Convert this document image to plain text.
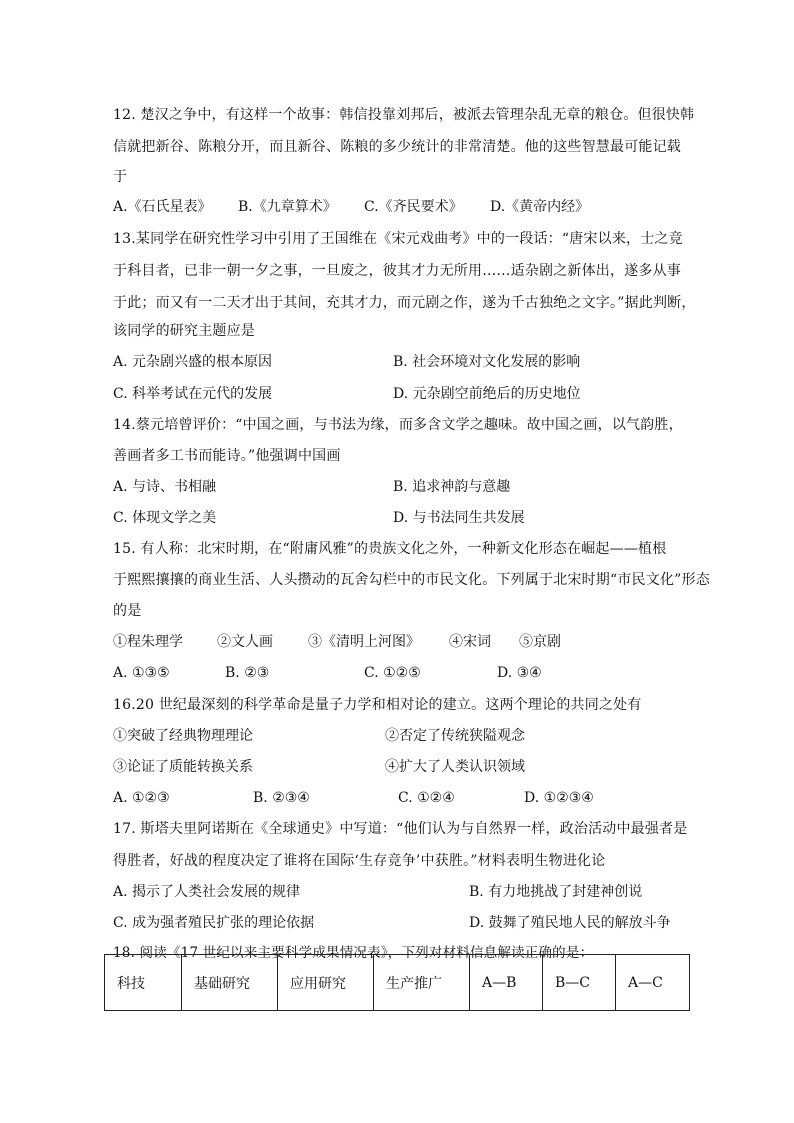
12. 楚汉之争中，有这样一个故事：韩信投靠刘邦后，被派去管理杂乱无章的粮仓。但很快韩
信就把新谷、陈粮分开，而且新谷、陈粮的多少统计的非常清楚。他的这些智慧最可能记载
于
A.《石氏星表》 B.《九章算术》 C.《齐民要术》 D.《黄帝内经》
13.某同学在研究性学习中引用了王国维在《宋元戏曲考》中的一段话：“唐宋以来，士之竞
于科目者，已非一朝一夕之事，一旦废之，彼其才力无所用……适杂剧之新体出，遂多从事
于此；而又有一二天才出于其间，充其才力，而元剧之作，遂为千古独绝之文字。”据此判断，
该同学的研究主题应是
A. 元杂剧兴盛的根本原因	B. 社会环境对文化发展的影响
C. 科举考试在元代的发展	D. 元杂剧空前绝后的历史地位
14.蔡元培曾评价：“中国之画，与书法为缘，而多含文学之趣味。故中国之画，以气韵胜，
善画者多工书而能诗。”他强调中国画
A. 与诗、书相融	B. 追求神韵与意趣
C. 体现文学之美	D. 与书法同生共发展
15. 有人称：北宋时期，在“附庸风雅”的贵族文化之外，一种新文化形态在崛起——植根
于熙熙攘攘的商业生活、人头攒动的瓦舍勾栏中的市民文化。下列属于北宋时期“市民文化”形态
的是
①程朱理学 ②文人画	③《清明上河图》 ④宋词 ⑤京剧
A. ①③⑤	B. ②③	C. ①②⑤	D. ③④
16.20 世纪最深刻的科学革命是量子力学和相对论的建立。这两个理论的共同之处有
①突破了经典物理理论	②否定了传统狭隘观念
③论证了质能转换关系	④扩大了人类认识领域
A. ①②③	B. ②③④	C. ①②④	D. ①②③④
17. 斯塔夫里阿诺斯在《全球通史》中写道：“他们认为与自然界一样，政治活动中最强者是
得胜者，好战的程度决定了谁将在国际‘生存竞争’中获胜。”材料表明生物进化论
A. 揭示了人类社会发展的规律	B. 有力地挑战了封建神创说
C. 成为强者殖民扩张的理论依据	D. 鼓舞了殖民地人民的解放斗争
18. 阅读《17 世纪以来主要科学成果情况表》，下列对材料信息解读正确的是：
科技	基础研究	应用研究	生产推广	A—B	B—C	A—C
